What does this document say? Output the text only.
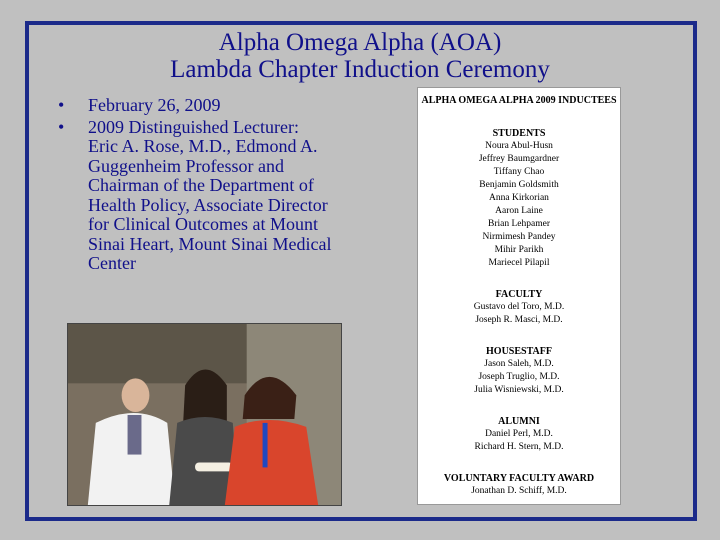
Alpha Omega Alpha (AOA)
Lambda Chapter Induction Ceremony
• February 26, 2009
• 2009 Distinguished Lecturer: Eric A. Rose, M.D., Edmond A. Guggenheim Professor and Chairman of the Department of Health Policy, Associate Director for Clinical Outcomes at Mount Sinai Heart, Mount Sinai Medical Center
ALPHA OMEGA ALPHA 2009 INDUCTEES
STUDENTS
Noura Abul-Husn
Jeffrey Baumgardner
Tiffany Chao
Benjamin Goldsmith
Anna Kirkorian
Aaron Laine
Brian Lehpamer
Nirmimesh Pandey
Mihir Parikh
Mariecel Pilapil
FACULTY
Gustavo del Toro, M.D.
Joseph R. Masci, M.D.
HOUSESTAFF
Jason Saleh, M.D.
Joseph Truglio, M.D.
Julia Wisniewski, M.D.
ALUMNI
Daniel Perl, M.D.
Richard H. Stern, M.D.
VOLUNTARY FACULTY AWARD
Jonathan D. Schiff, M.D.
